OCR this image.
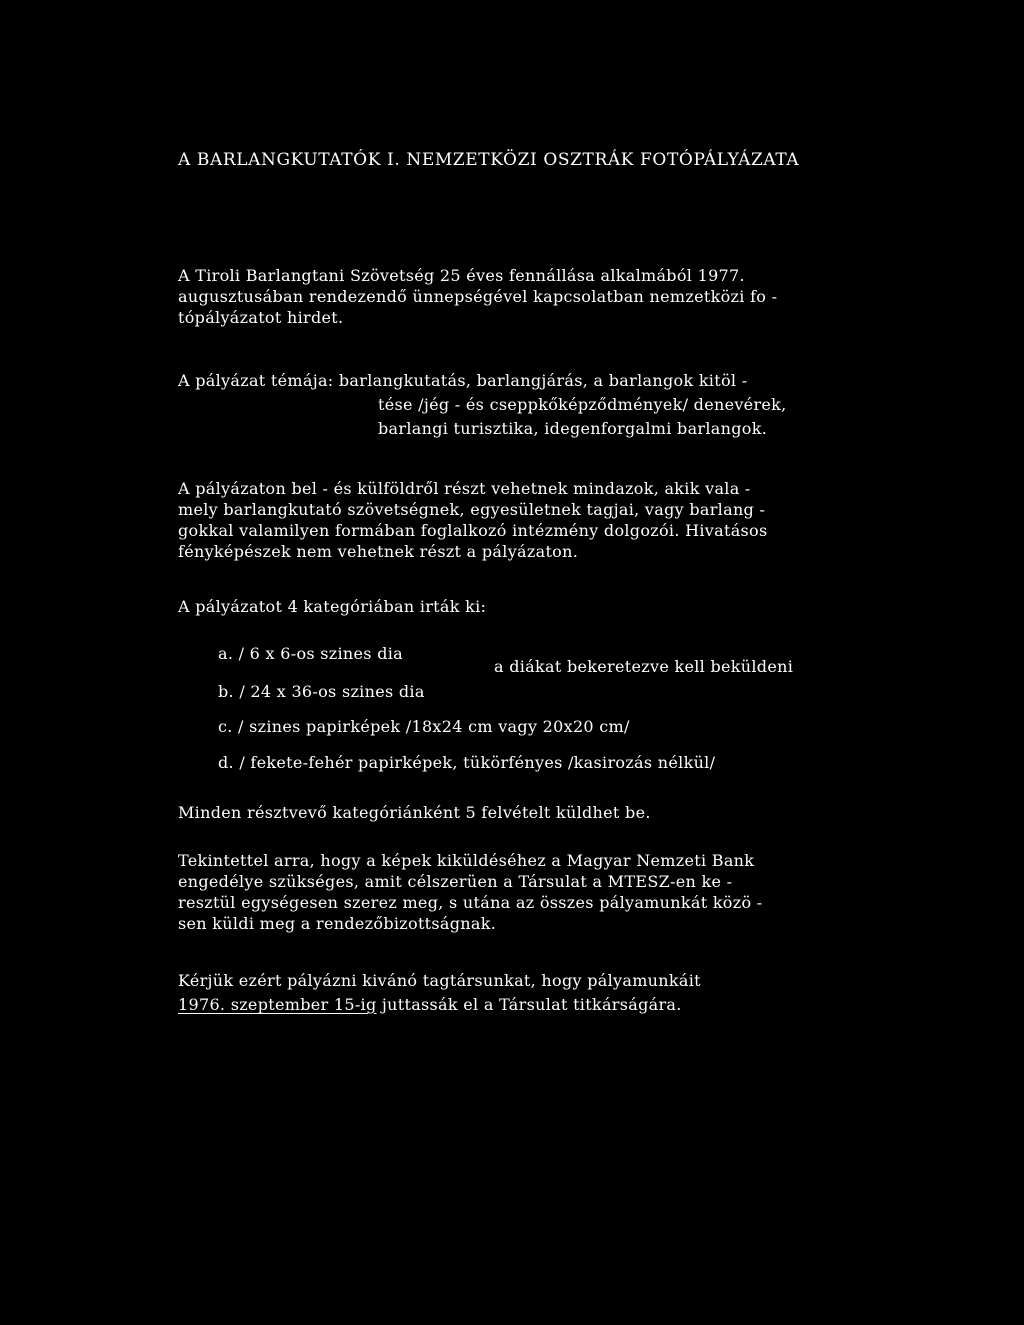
A BARLANGKUTATÓK I. NEMZETKÖZI OSZTRÁK FOTÓPÁLYÁZATA
A Tiroli Barlangtani Szövetség 25 éves fennállása alkalmából 1977.
augusztusában rendezendő ünnepségével kapcsolatban nemzetközi fo -
tópályázatot hirdet.
A pályázat témája: barlangkutatás, barlangjárás, a barlangok kitöl -
tése /jég - és cseppkőképződmények/ denevérek,
barlangi turisztika, idegenforgalmi barlangok.
A pályázaton bel - és külföldről részt vehetnek mindazok, akik vala -
mely barlangkutató szövetségnek, egyesületnek tagjai, vagy barlang -
gokkal valamilyen formában foglalkozó intézmény dolgozói. Hivatásos
fényképészek nem vehetnek részt a pályázaton.
A pályázatot 4 kategóriában irták ki:
a. / 6 x 6-os szines dia
a diákat bekeretezve kell beküldeni
b. / 24 x 36-os szines dia
c. / szines papirképek /18x24 cm vagy 20x20 cm/
d. / fekete-fehér papirképek, tükörfényes /kasirozás nélkül/
Minden résztvevő kategóriánként 5 felvételt küldhet be.
Tekintettel arra, hogy a képek kiküldéséhez a Magyar Nemzeti Bank
engedélye szükséges, amit célszerüen a Társulat a MTESZ-en ke -
resztül egységesen szerez meg, s utána az összes pályamunkát közö -
sen küldi meg a rendezőbizottságnak.
Kérjük ezért pályázni kivánó tagtársunkat, hogy pályamunkáit
1976. szeptember 15-ig juttassák el a Társulat titkárságára.
